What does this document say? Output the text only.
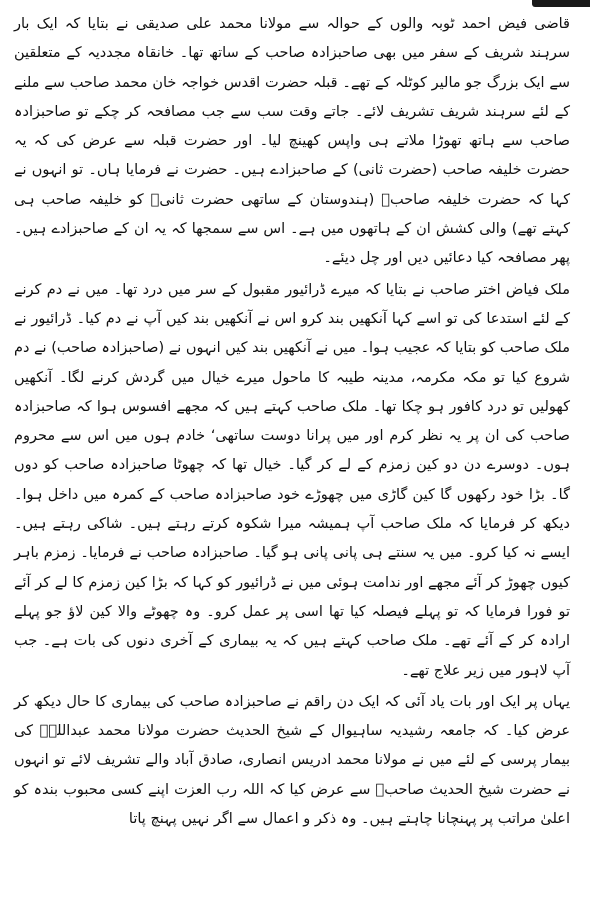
قاضی فیض احمد ٹوبہ والوں کے حوالہ سے مولانا محمد علی صدیقی نے بتایا کہ ایک بار سرہند شریف کے سفر میں بھی صاحبزادہ صاحب کے ساتھ تھا۔ خانقاہ مجددیہ کے متعلقین سے ایک بزرگ جو مالیر کوٹلہ کے تھے۔ قبلہ حضرت اقدس خواجہ خان محمد صاحب سے ملنے کے لئے سرہند شریف تشریف لائے۔ جاتے وقت سب سے جب مصافحہ کر چکے تو صاحبزادہ صاحب سے ہاتھ تھوڑا ملاتے ہی واپس کھینچ لیا۔ اور حضرت قبلہ سے عرض کی کہ یہ حضرت خلیفہ صاحب (حضرت ثانی) کے صاحبزادے ہیں۔ حضرت نے فرمایا ہاں۔ تو انہوں نے کہا کہ حضرت خلیفہ صاحبؒ (ہندوستان کے ساتھی حضرت ثانیؒ کو خلیفہ صاحب ہی کہتے تھے) والی کشش ان کے ہاتھوں میں ہے۔ اس سے سمجھا کہ یہ ان کے صاحبزادے ہیں۔ پھر مصافحہ کیا دعائیں دیں اور چل دیئے۔

ملک فیاض اختر صاحب نے بتایا کہ میرے ڈرائیور مقبول کے سر میں درد تھا۔ میں نے دم کرنے کے لئے استدعا کی تو اسے کہا آنکھیں بند کرو اس نے آنکھیں بند کیں آپ نے دم کیا۔ ڈرائیور نے ملک صاحب کو بتایا کہ عجیب ہوا۔ میں نے آنکھیں بند کیں انہوں نے (صاحبزادہ صاحب) نے دم شروع کیا تو مکہ مکرمہ، مدینہ طیبہ کا ماحول میرے خیال میں گردش کرنے لگا۔ آنکھیں کھولیں تو درد کافور ہو چکا تھا۔ ملک صاحب کہتے ہیں کہ مجھے افسوس ہوا کہ صاحبزادہ صاحب کی ان پر یہ نظر کرم اور میں پرانا دوست ساتھی‘ خادم ہوں میں اس سے محروم ہوں۔ دوسرے دن دو کین زمزم کے لے کر گیا۔ خیال تھا کہ چھوٹا صاحبزادہ صاحب کو دوں گا۔ بڑا خود رکھوں گا کین گاڑی میں چھوڑے خود صاحبزادہ صاحب کے کمرہ میں داخل ہوا۔ دیکھ کر فرمایا کہ ملک صاحب آپ ہمیشہ میرا شکوہ کرتے رہتے ہیں۔ شاکی رہتے ہیں۔ ایسے نہ کیا کرو۔ میں یہ سنتے ہی پانی پانی ہو گیا۔ صاحبزادہ صاحب نے فرمایا۔ زمزم باہر کیوں چھوڑ کر آئے مجھے اور ندامت ہوئی میں نے ڈرائیور کو کہا کہ بڑا کین زمزم کا لے کر آئے تو فورا فرمایا کہ تو پہلے فیصلہ کیا تھا اسی پر عمل کرو۔ وہ چھوٹے والا کین لاؤ جو پہلے ارادہ کر کے آئے تھے۔ ملک صاحب کہتے ہیں کہ یہ بیماری کے آخری دنوں کی بات ہے۔ جب آپ لاہور میں زیر علاج تھے۔

یہاں پر ایک اور بات یاد آئی کہ ایک دن راقم نے صاحبزادہ صاحب کی بیماری کا حال دیکھ کر عرض کیا۔ کہ جامعہ رشیدیہ ساہیوال کے شیخ الحدیث حضرت مولانا محمد عبداللہؒ کی بیمار پرسی کے لئے میں نے مولانا محمد ادریس انصاری، صادق آباد والے تشریف لائے تو انہوں نے حضرت شیخ الحدیث صاحبؒ سے عرض کیا کہ اللہ رب العزت اپنے کسی محبوب بندہ کو اعلیٰ مراتب پر پہنچانا چاہتے ہیں۔ وہ ذکر و اعمال سے اگر نہیں پہنچ پاتا
